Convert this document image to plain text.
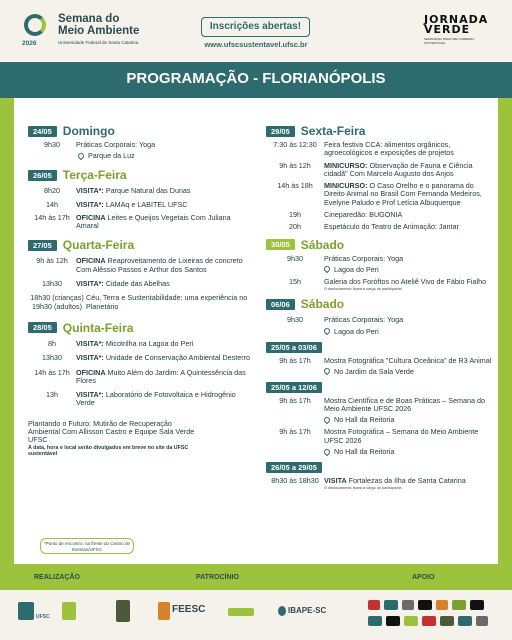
2026
Semana do
Meio Ambiente
Universidade Federal de Santa Catarina
Inscrições abertas!
www.ufscsustentavel.ufsc.br
JORNADA
VERDE
SEMANÁRIO PARA UMA CARREIRA SUSTENTÁVEL
PROGRAMAÇÃO - FLORIANÓPOLIS
24/05 Domingo
9h30	Práticas Corporais: Yoga
Parque da Luz
26/05 Terça-Feira
8h20	VISITA*: Parque Natural das Dunas
14h	VISITA*: LAMAq e LABITEL UFSC
14h às 17h OFICINA Leites e Queijos Vegetais Com Juliana Amaral
27/05 Quarta-Feira
9h às 12h	OFICINA Reaproveitamento de Lixeiras de concreto Com Alêssio Passos e Arthur dos Santos
13h30	VISITA*: Cidade das Abelhas
18h30 (crianças)
19h30 (adultos)
Céu, Terra e Sustentabilidade: uma experiência no Planetário
28/05 Quinta-Feira
8h	VISITA*: Micotrilha na Lagoa do Peri
13h30	VISITA*: Unidade de Conservação Ambiental Desterro
14h às 17h OFICINA Muito Além do Jardim: A Quintessência das Flores
13h	VISITA*: Laboratório de Fotovoltaica e Hidrogênio Verde
Plantando o Futuro: Mutirão de Recuperação Ambiental Com Allisson Castro e Equipe Sala Verde UFSC
A data, hora e local serão divulgados em breve no site da UFSC sustentável
29/05 Sexta-Feira
7:30 às 12:30	Feira festiva CCA: alimentos orgânicos, agroecológicos e exposições de projetos
9h às 12h	MINICURSO: Observação de Fauna e Ciência cidadã" Com Marcelo Augusto dos Anjos
14h às 18h	MINICURSO: O Caso Orelho e o panorama do Direito Animal no Brasil Com Fernanda Medeiros, Evelyne Paludo e Prof Letícia Albuquerque
19h	Cineparedão: BUGONIA
20h	Espetáculo do Teatro de Animação: Jantar
30/05 Sábado
9h30	Práticas Corporais: Yoga
Lagoa do Peri
15h	Galeria dos Foróftos no Ateliê Vivo de Fábio Fialho
O deslocamento ficará a cargo do participante.
06/06 Sábado
9h30	Práticas Corporais: Yoga
Lagoa do Peri
25/05 a 03/06
9h às 17h	Mostra Fotográfica "Cultura Oceânica" de R3 Animal
No Jardim da Sala Verde
25/05 a 12/06
9h às 17h	Mostra Científica e de Boas Práticas – Semana do Meio Ambiente UFSC 2026
No Hall da Reitoria
9h às 17h	Mostra Fotográfica – Semana do Meio Ambiente UFSC 2026
No Hall da Reitoria
26/05 a 29/05
8h30 às 18h30 VISITA Fortalezas da Ilha de Santa Catarina
O deslocamento ficará a cargo do participante.
*Ponto de encontro: na frente do Centro de Eventos/UFSC
REALIZAÇÃO	PATROCÍNIO	APOIO
UFSC
FEESC	IBAPE-SC
